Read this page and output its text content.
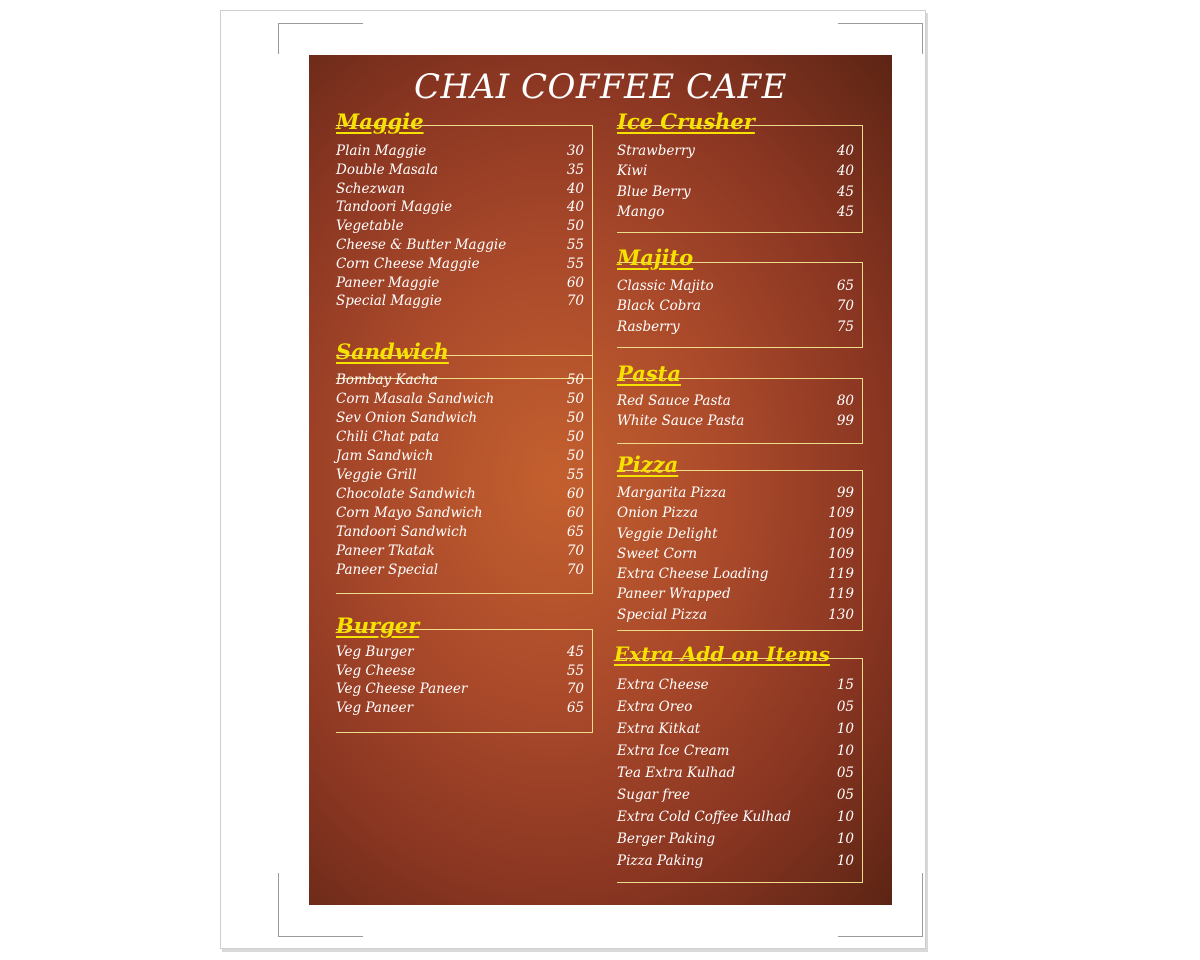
CHAI COFFEE CAFE
Maggie
Plain Maggie	30
Double Masala	35
Schezwan	40
Tandoori Maggie	40
Vegetable	50
Cheese & Butter Maggie	55
Corn Cheese Maggie	55
Paneer Maggie	60
Special Maggie	70
Sandwich
Bombay Kacha	50
Corn Masala Sandwich	50
Sev Onion Sandwich	50
Chili Chat pata	50
Jam Sandwich	50
Veggie Grill	55
Chocolate Sandwich	60
Corn Mayo Sandwich	60
Tandoori Sandwich	65
Paneer Tkatak	70
Paneer Special	70
Burger
Veg Burger	45
Veg Cheese	55
Veg Cheese Paneer	70
Veg Paneer	65
Ice Crusher
Strawberry	40
Kiwi	40
Blue Berry	45
Mango	45
Majito
Classic Majito	65
Black Cobra	70
Rasberry	75
Pasta
Red Sauce Pasta	80
White Sauce Pasta	99
Pizza
Margarita Pizza	99
Onion Pizza	109
Veggie Delight	109
Sweet Corn	109
Extra Cheese Loading	119
Paneer Wrapped	119
Special Pizza	130
Extra Add on Items
Extra Cheese	15
Extra Oreo	05
Extra Kitkat	10
Extra Ice Cream	10
Tea Extra Kulhad	05
Sugar free	05
Extra Cold Coffee Kulhad	10
Berger Paking	10
Pizza Paking	10
